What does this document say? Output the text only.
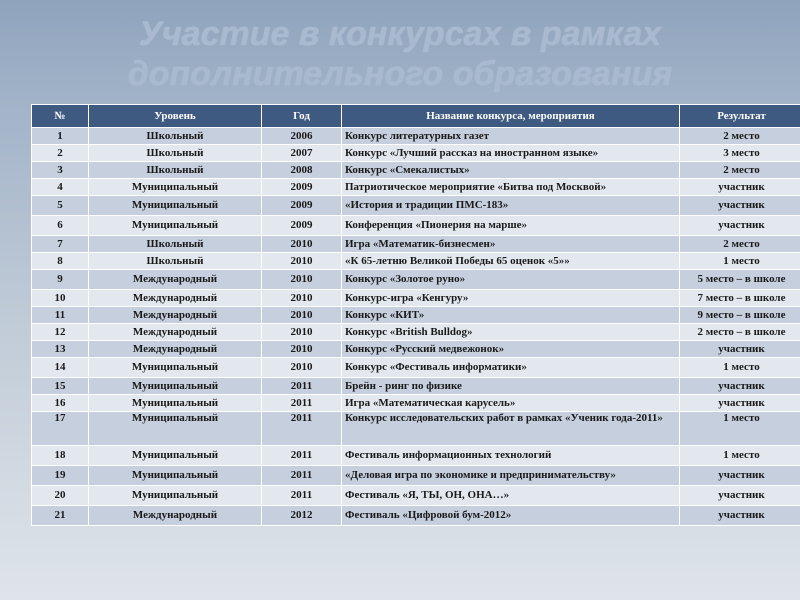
Участие в конкурсах в рамках
дополнительного образования
№	Уровень	Год	Название конкурса, мероприятия	Результат
1	Школьный	2006	Конкурс литературных газет	2 место
2	Школьный	2007	Конкурс «Лучший рассказ на иностранном языке»	3 место
3	Школьный	2008	Конкурс «Смекалистых»	2 место
4	Муниципальный	2009	Патриотическое мероприятие «Битва под Москвой»	участник
5	Муниципальный	2009	«История и традиции ПМС-183»	участник
6	Муниципальный	2009	Конференция «Пионерия на марше»	участник
7	Школьный	2010	Игра «Математик-бизнесмен»	2 место
8	Школьный	2010	«К 65-летню Великой Победы 65 оценок «5»»	1 место
9	Международный	2010	Конкурс «Золотое руно»	5 место – в школе
10	Международный	2010	Конкурс-игра «Кенгуру»	7 место – в школе
11	Международный	2010	Конкурс «КИТ»	9 место – в школе
12	Международный	2010	Конкурс «British Bulldog»	2 место – в школе
13	Международный	2010	Конкурс «Русский медвежонок»	участник
14	Муниципальный	2010	Конкурс «Фестиваль информатики»	1 место
15	Муниципальный	2011	Брейн - ринг по физике	участник
16	Муниципальный	2011	Игра «Математическая карусель»	участник
17	Муниципальный	2011	Конкурс исследовательских работ в рамках «Ученик года-2011»	1 место
18	Муниципальный	2011	Фестиваль информационных технологий	1 место
19	Муниципальный	2011	«Деловая игра по экономике и предпринимательству»	участник
20	Муниципальный	2011	Фестиваль «Я, ТЫ, ОН, ОНА…»	участник
21	Международный	2012	Фестиваль «Цифровой бум-2012»	участник
